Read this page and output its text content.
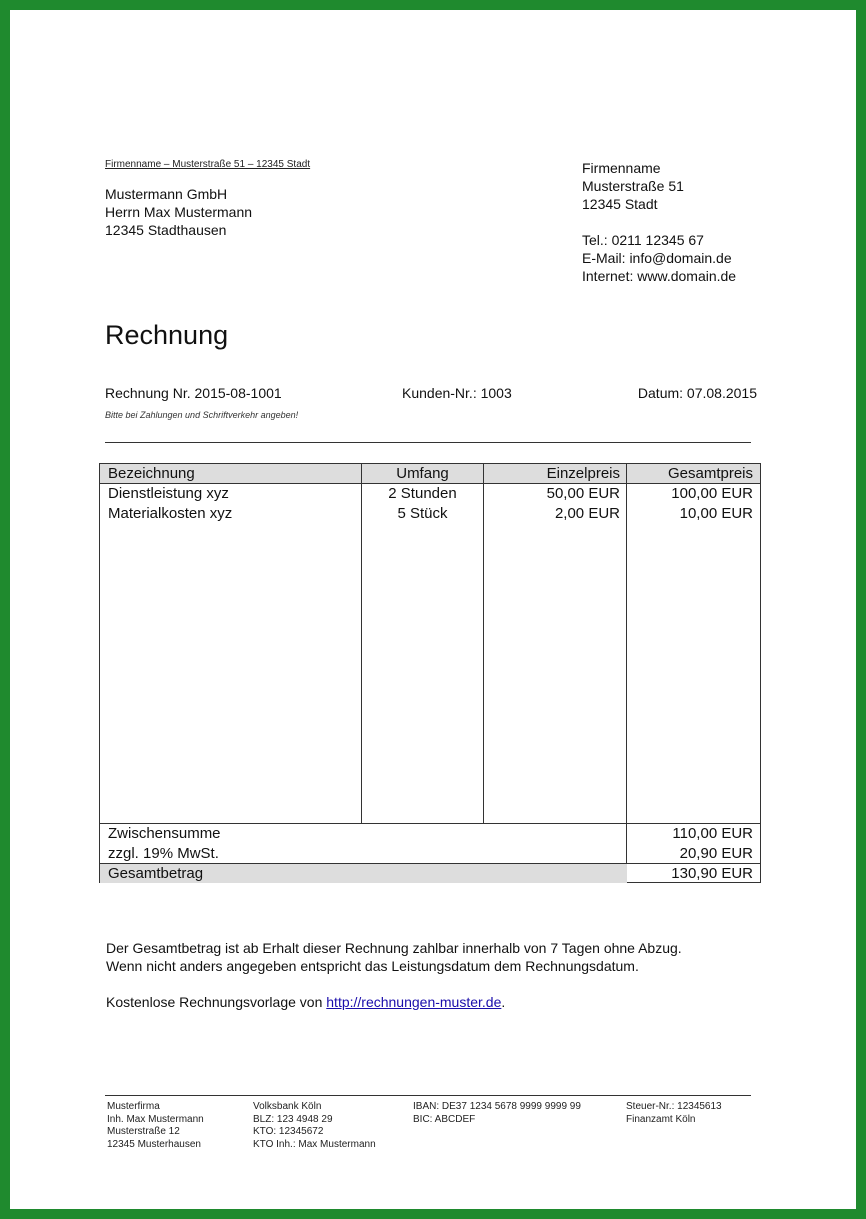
Firmenname – Musterstraße 51 – 12345 Stadt
Mustermann GmbH
Herrn Max Mustermann
12345 Stadthausen
Firmenname
Musterstraße 51
12345 Stadt
Tel.: 0211 12345 67
E-Mail: info@domain.de
Internet: www.domain.de
Rechnung
Rechnung Nr. 2015-08-1001	Kunden-Nr.: 1003	Datum: 07.08.2015
Bitte bei Zahlungen und Schriftverkehr angeben!
Bezeichnung	Umfang	Einzelpreis	Gesamtpreis
Dienstleistung xyz	2 Stunden	50,00 EUR	100,00 EUR
Materialkosten xyz	5 Stück	2,00 EUR	10,00 EUR
Zwischensumme	110,00 EUR
zzgl. 19% MwSt.	20,90 EUR
Gesamtbetrag	130,90 EUR

Der Gesamtbetrag ist ab Erhalt dieser Rechnung zahlbar innerhalb von 7 Tagen ohne Abzug.

Wenn nicht anders angegeben entspricht das Leistungsdatum dem Rechnungsdatum.

Kostenlose Rechnungsvorlage von http://rechnungen-muster.de.

Musterfirma
Inh. Max Mustermann
Musterstraße 12
12345 Musterhausen
Volksbank Köln
BLZ: 123 4948 29
KTO: 12345672
KTO Inh.: Max Mustermann
IBAN: DE37 1234 5678 9999 9999 99
BIC: ABCDEF
Steuer-Nr.: 12345613
Finanzamt Köln
